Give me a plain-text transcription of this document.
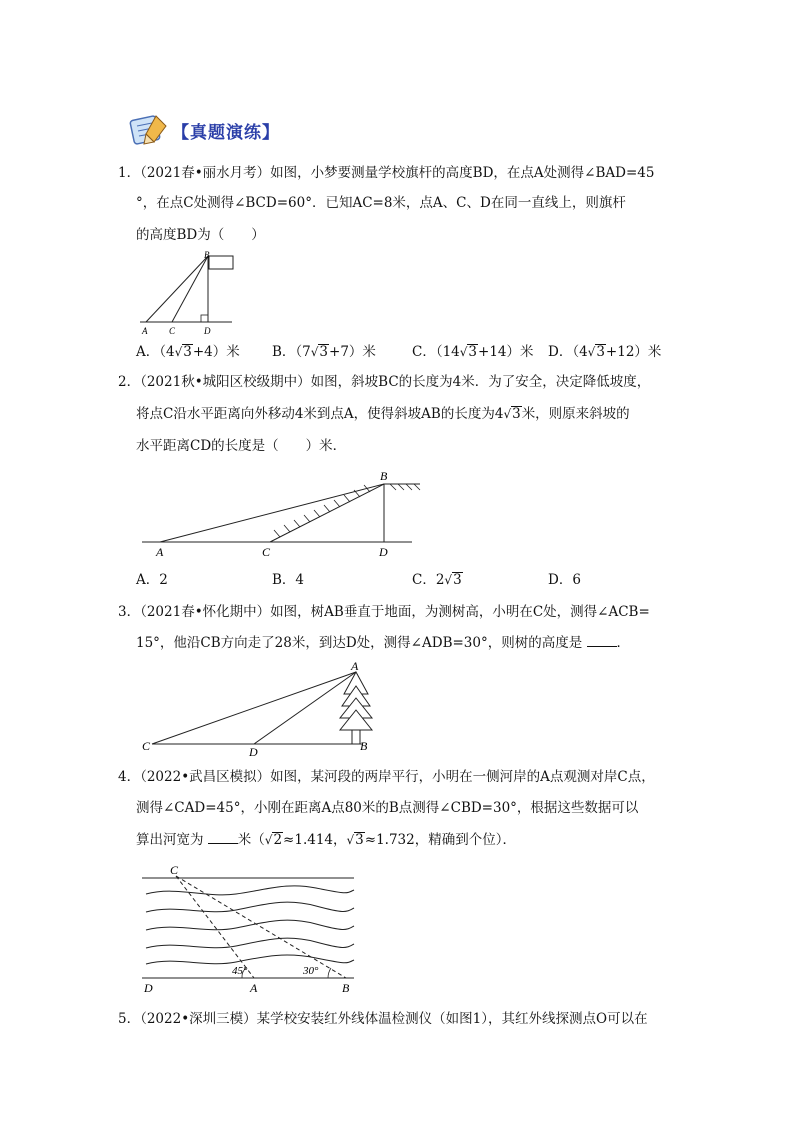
【真题演练】
1．（2021春•丽水月考）如图，小梦要测量学校旗杆的高度BD，在点A处测得∠BAD=45
°，在点C处测得∠BCD=60°．已知AC=8米，点A、C、D在同一直线上，则旗杆
的高度BD为（　　）
B
A C	D
A．（4√3+4）米 B．（7√3+7）米	C．（14√3+14）米 D．（4√3+12）米
2．（2021秋•城阳区校级期中）如图，斜坡BC的长度为4米．为了安全，决定降低坡度，
将点C沿水平距离向外移动4米到点A，使得斜坡AB的长度为4√3米，则原来斜坡的
水平距离CD的长度是（　　）米．
B
A	C	D
A．2	B．4	C．2√3	D．6
3．（2021春•怀化期中）如图，树AB垂直于地面，为测树高，小明在C处，测得∠ACB=
15°，他沿CB方向走了28米，到达D处，测得∠ADB=30°，则树的高度是	．
A
C	D	B
4．（2022•武昌区模拟）如图，某河段的两岸平行，小明在一侧河岸的A点观测对岸C点，
测得∠CAD=45°，小刚在距离A点80米的B点测得∠CBD=30°，根据这些数据可以
算出河宽为	米（√2≈1.414，√3≈1.732，精确到个位）．
C
D	A	B
45°	30°
5．（2022•深圳三模）某学校安装红外线体温检测仪（如图1），其红外线探测点O可以在
